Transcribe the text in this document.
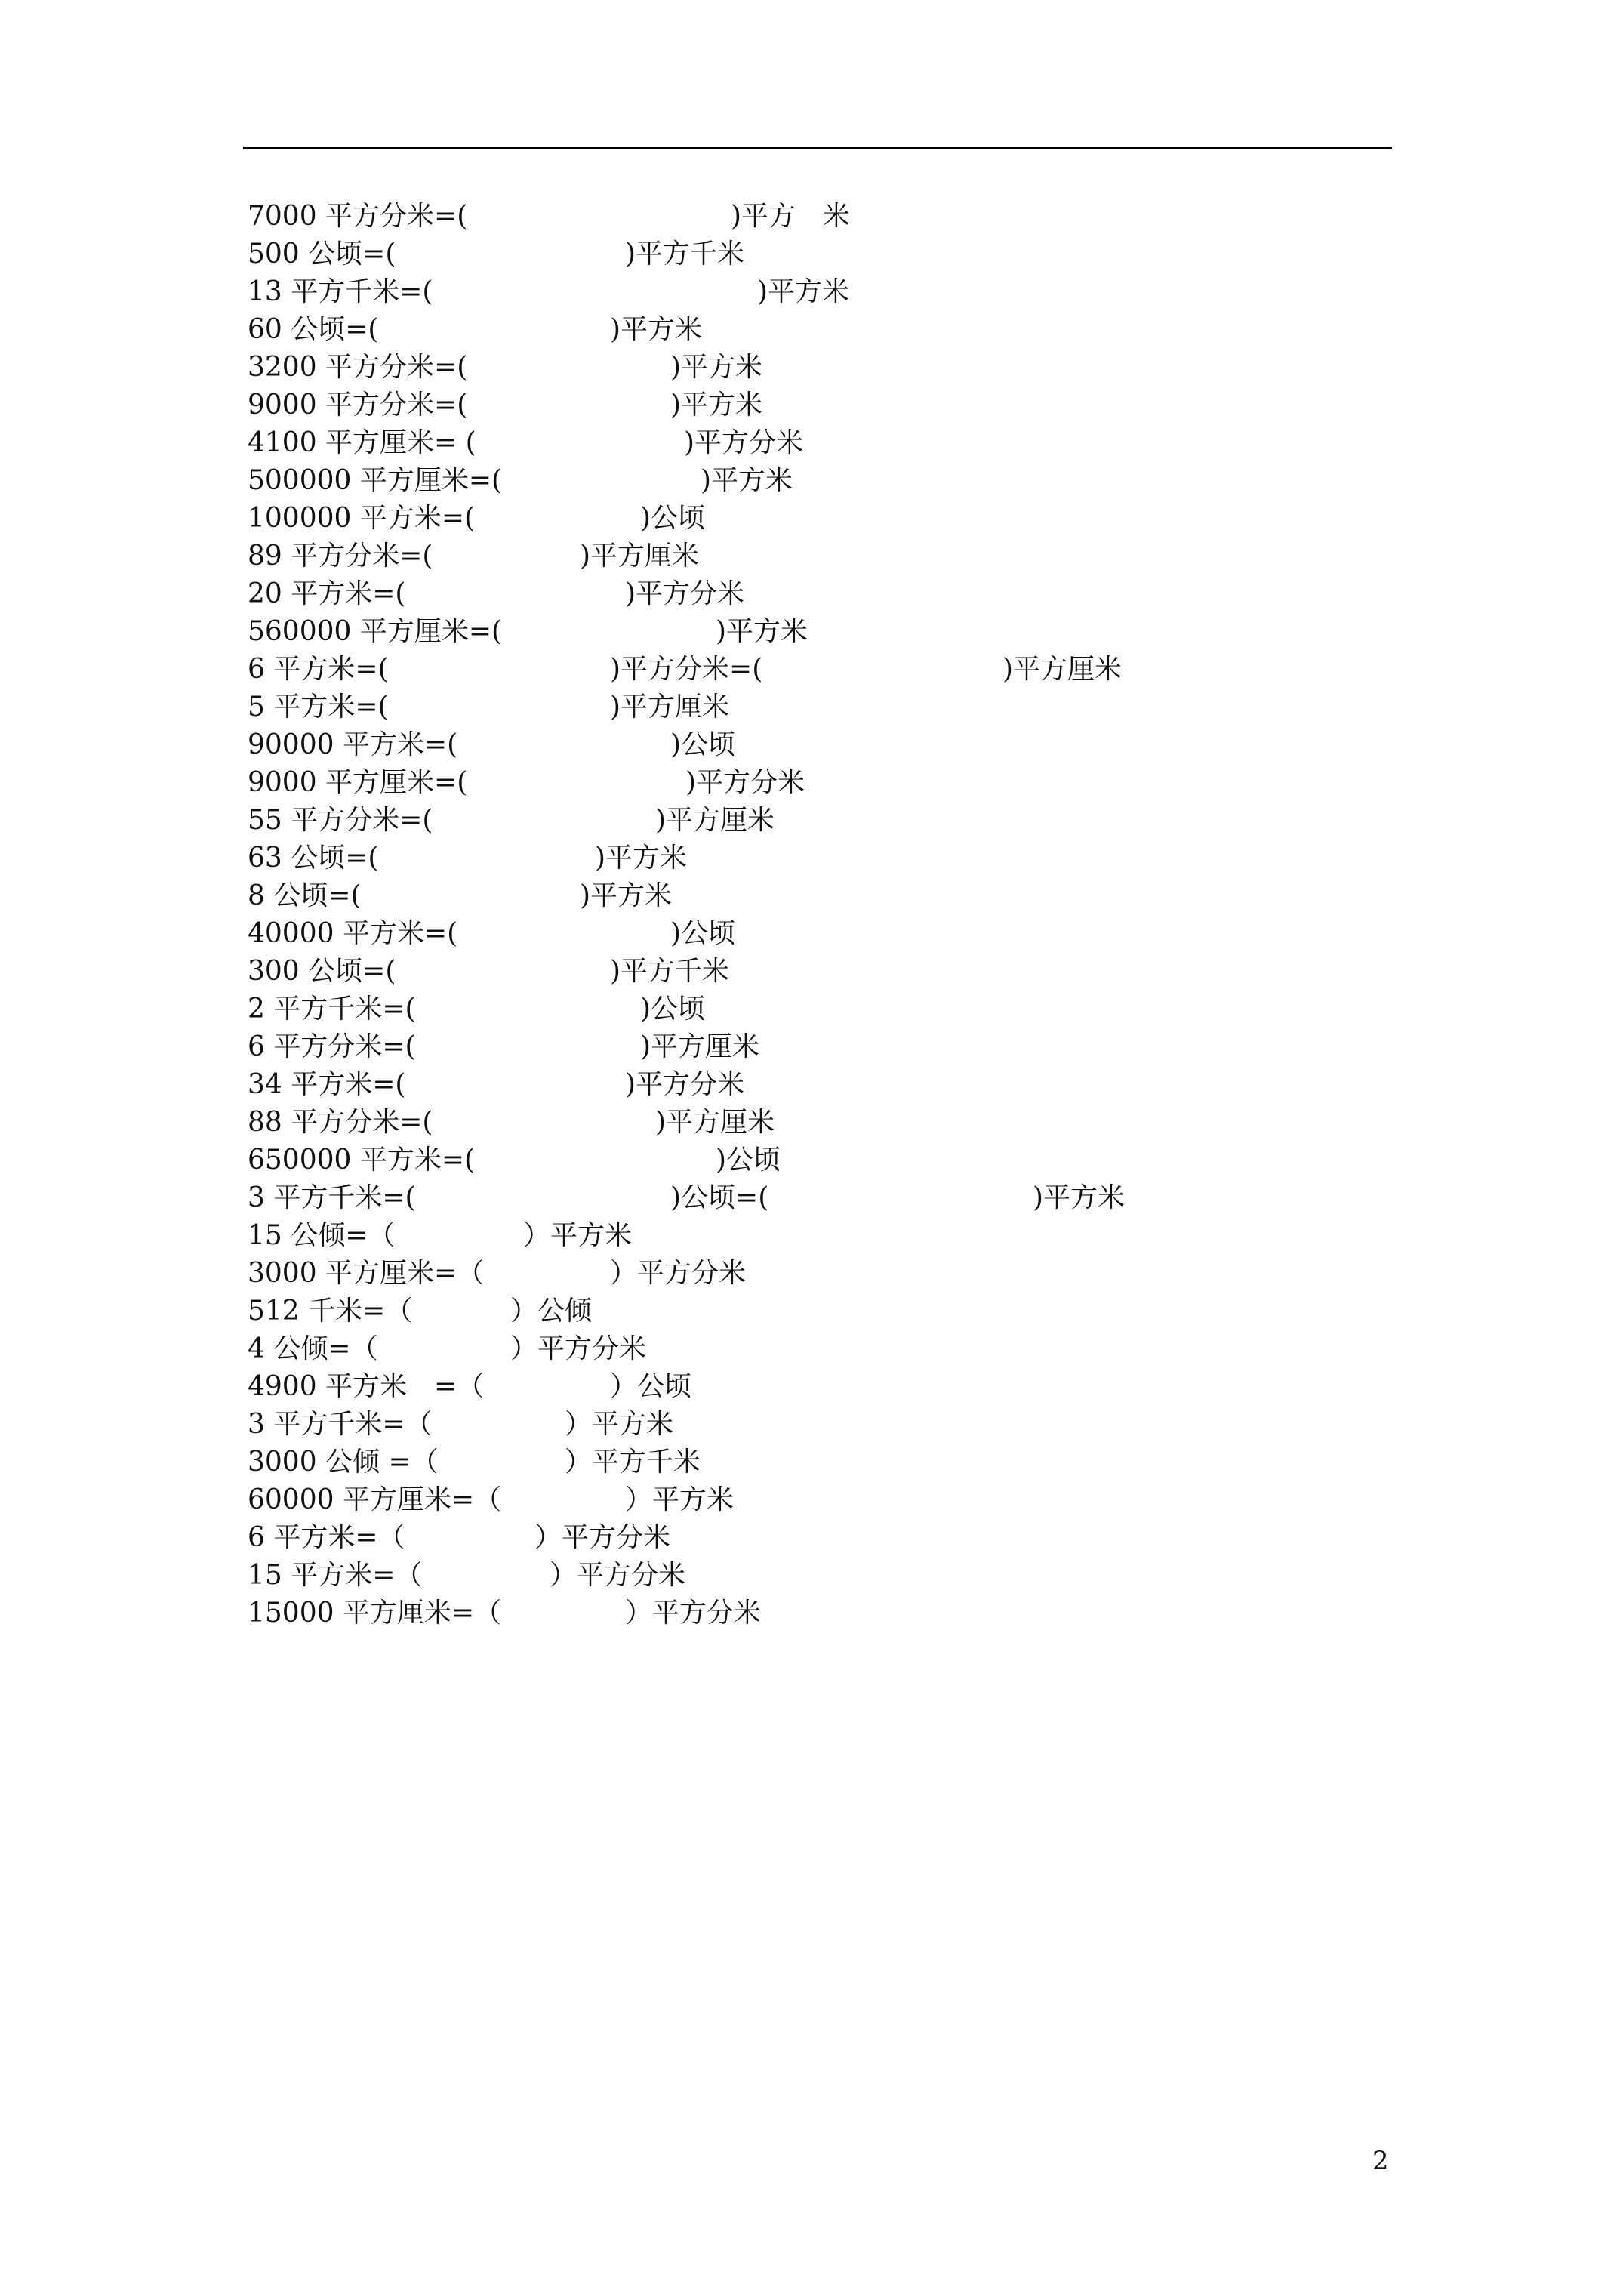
7000 平方分米=(	)平方　米
500 公顷=(	)平方千米
13 平方千米=(	)平方米
60 公顷=(	)平方米
3200 平方分米=(	)平方米
9000 平方分米=(	)平方米
4100 平方厘米= (	)平方分米
500000 平方厘米=(	)平方米
100000 平方米=(	)公顷
89 平方分米=(	)平方厘米
20 平方米=(	)平方分米
560000 平方厘米=(	)平方米
6 平方米=(	)平方分米=(	)平方厘米
5 平方米=(	)平方厘米
90000 平方米=(	)公顷
9000 平方厘米=(	)平方分米
55 平方分米=(	)平方厘米
63 公顷=(	)平方米
8 公顷=(	)平方米
40000 平方米=(	)公顷
300 公顷=(	)平方千米
2 平方千米=(	)公顷
6 平方分米=(	)平方厘米
34 平方米=(	)平方分米
88 平方分米=(	)平方厘米
650000 平方米=(	)公顷
3 平方千米=(	)公顷=(	)平方米
15 公倾=（	）平方米
3000 平方厘米=（	）平方分米
512 千米=（	）公倾
4 公倾=（	）平方分米
4900 平方米　=（	）公顷
3 平方千米=（	）平方米
3000 公倾 =（	）平方千米
60000 平方厘米=（	）平方米
6 平方米=（	）平方分米
15 平方米=（	）平方分米
15000 平方厘米=（	）平方分米
2
